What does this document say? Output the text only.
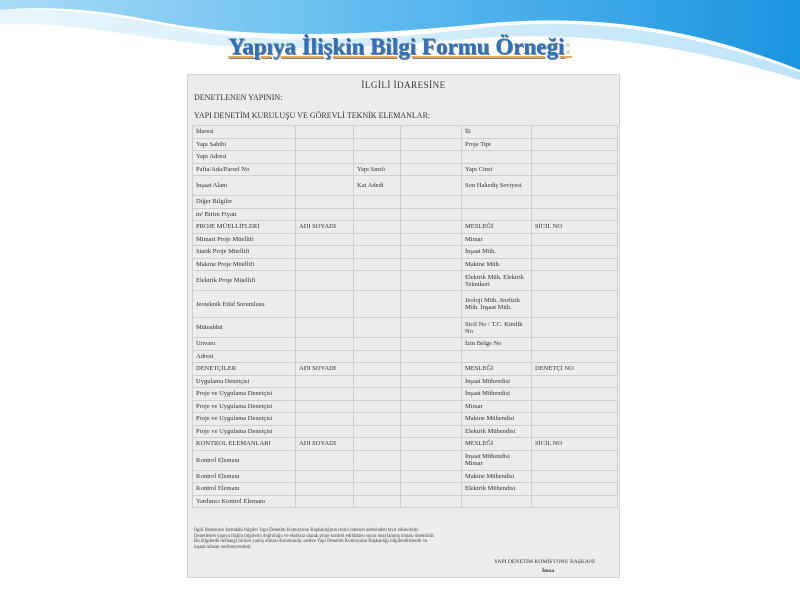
Yapıya İlişkin Bilgi Formu Örneği:
İLGİLİ İDARESİNE
DENETLENEN YAPININ:
YAPI DENETİM KURULUŞU VE GÖREVLİ TEKNİK ELEMANLAR:
İdaresi				İli	
Yapı Sahibi				Proje Tipi	
Yapı Adresi					
Pafta/Ada/Parsel No		Yapı Sınıfı		Yapı Cinsi	
İnşaat Alanı		Kat Adedi		Son Hakediş Seviyesi	
Diğer Bilgiler					
m² Birim Fiyatı					
PROJE MÜELLİFLERİ	ADI SOYADI			MESLEĞİ	SİCİL NO
Mimari Proje Müellifi				Mimar	
Statik Proje Müellifi				İnşaat Müh.	
Makine Proje Müellifi				Makine Müh.	
Elektrik Proje Müellifi				Elektrik Müh. Elektrik Teknikeri	
Jeoteknik Etüd Sorumlusu				Jeoloji Müh. Jeofizik Müh. İnşaat Müh.	
Müteahhit				Sicil No / T.C. Kimlik No	
Unvanı				İzin Belge No	
Adresi					
DENETÇİLER	ADI SOYADI			MESLEĞİ	DENETÇİ NO
Uygulama Denetçisi				İnşaat Mühendisi	
Proje ve Uygulama Denetçisi				İnşaat Mühendisi	
Proje ve Uygulama Denetçisi				Mimar	
Proje ve Uygulama Denetçisi				Makine Mühendisi	
Proje ve Uygulama Denetçisi				Elektrik Mühendisi	
KONTROL ELEMANLARI	ADI SOYADI			MESLEĞİ	SİCİL NO
Kontrol Elemanı				İnşaat Mühendisi Mimar	
Kontrol Elemanı				Makine Mühendisi	
Kontrol Elemanı				Elektrik Mühendisi	
Yardımcı Kontrol Elemanı					
İlgili İdaresince formdaki bilgiler Yapı Denetim Komisyonu Başkanlığının resmi internet adresinden teyit edilecektir.
Denetlenen yapıya ilişkin bilgilerin doğruluğu ve eksiksiz olarak proje kontrol edildikten sonra onaylanmış olması önemlidir.
Bu bilgilerde herhangi birinin yanlış olması durumunda, sadece Yapı Denetim Komisyonu Başkanlığı bilgilendirilecek ve
inşaat ruhsatı verilmeyecektir.
YAPI DENETİM KOMİSYONU BAŞKANI
İmza
